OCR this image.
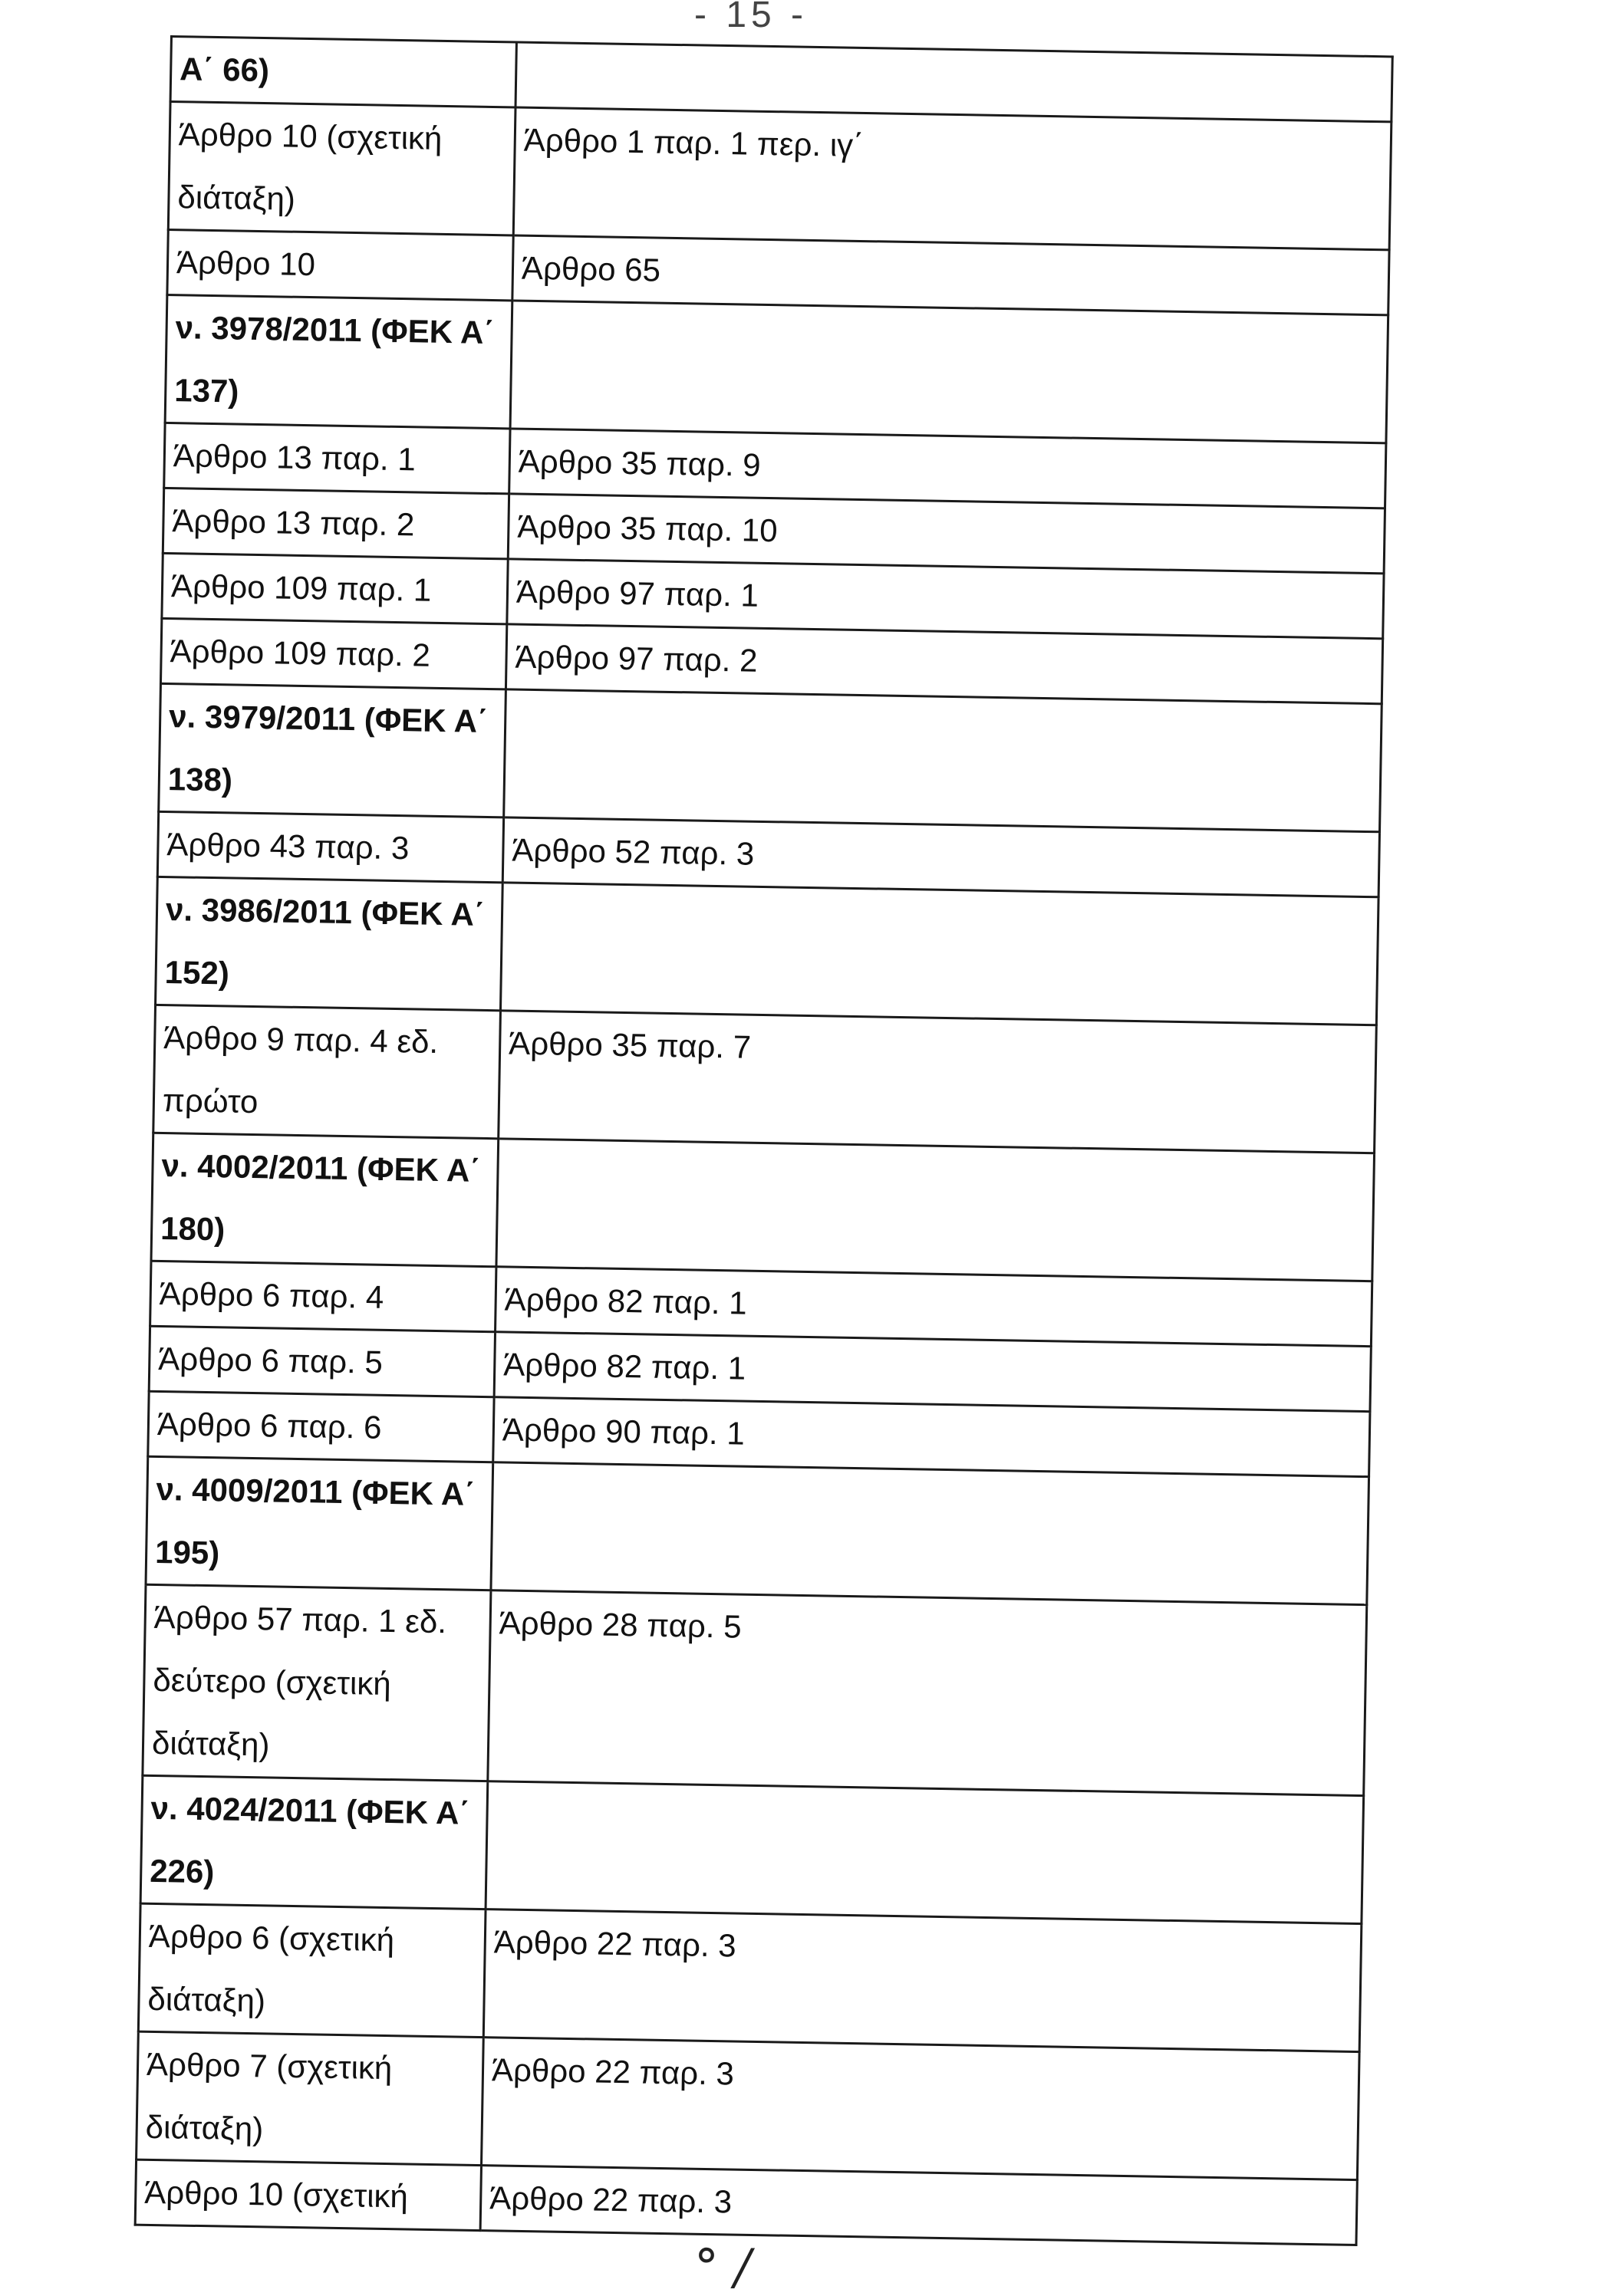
- 15 -
Α΄ 66)	
Άρθρο 10 (σχετική διάταξη)	Άρθρο 1 παρ. 1 περ. ιγ΄
Άρθρο 10	Άρθρο 65
ν. 3978/2011 (ΦΕΚ Α΄ 137)	
Άρθρο 13 παρ. 1	Άρθρο 35 παρ. 9
Άρθρο 13 παρ. 2	Άρθρο 35 παρ. 10
Άρθρο 109 παρ. 1	Άρθρο 97 παρ. 1
Άρθρο 109 παρ. 2	Άρθρο 97 παρ. 2
ν. 3979/2011 (ΦΕΚ Α΄ 138)	
Άρθρο 43 παρ. 3	Άρθρο 52 παρ. 3
ν. 3986/2011 (ΦΕΚ Α΄ 152)	
Άρθρο 9 παρ. 4 εδ. πρώτο	Άρθρο 35 παρ. 7
ν. 4002/2011 (ΦΕΚ Α΄ 180)	
Άρθρο 6 παρ. 4	Άρθρο 82 παρ. 1
Άρθρο 6 παρ. 5	Άρθρο 82 παρ. 1
Άρθρο 6 παρ. 6	Άρθρο 90 παρ. 1
ν. 4009/2011 (ΦΕΚ Α΄ 195)	
Άρθρο 57 παρ. 1 εδ. δεύτερο (σχετική διάταξη)	Άρθρο 28 παρ. 5
ν. 4024/2011 (ΦΕΚ Α΄ 226)	
Άρθρο 6 (σχετική διάταξη)	Άρθρο 22 παρ. 3
Άρθρο 7 (σχετική διάταξη)	Άρθρο 22 παρ. 3
Άρθρο 10 (σχετική	Άρθρο 22 παρ. 3
° /
